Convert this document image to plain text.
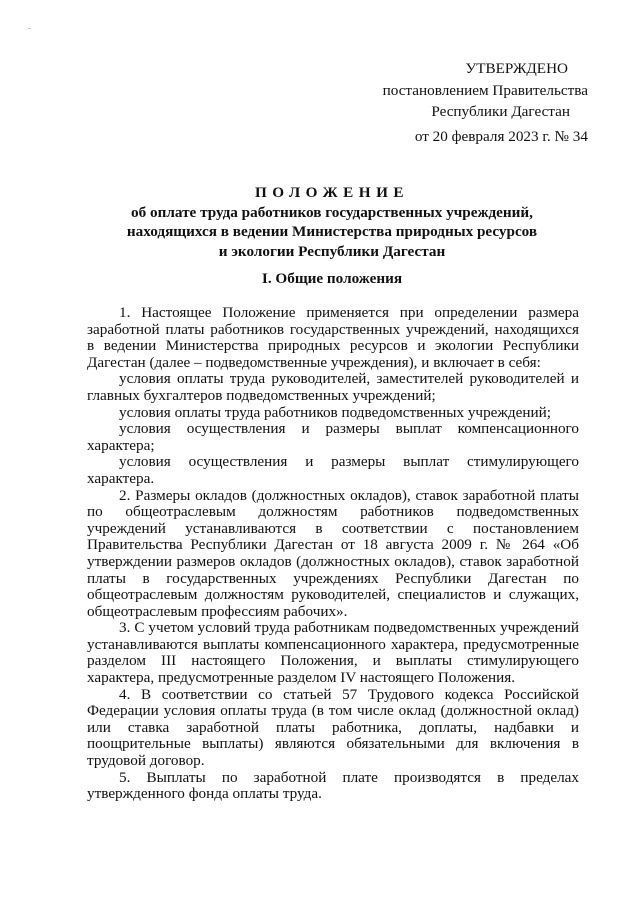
УТВЕРЖДЕНО
постановлением Правительства
Республики Дагестан
от 20 февраля 2023 г. № 34
ПОЛОЖЕНИЕ
об оплате труда работников государственных учреждений,
находящихся в ведении Министерства природных ресурсов
и экологии Республики Дагестан
I. Общие положения

1. Настоящее Положение применяется при определении размера заработной платы работников государственных учреждений, находящихся в ведении Министерства природных ресурсов и экологии Республики Дагестан (далее – подведомственные учреждения), и включает в себя:

условия оплаты труда руководителей, заместителей руководителей и главных бухгалтеров подведомственных учреждений;

условия оплаты труда работников подведомственных учреждений;

условия осуществления и размеры выплат компенсационного характера;

условия осуществления и размеры выплат стимулирующего характера.

2. Размеры окладов (должностных окладов), ставок заработной платы по общеотраслевым должностям работников подведомственных учреждений устанавливаются в соответствии с постановлением Правительства Республики Дагестан от 18 августа 2009 г. № 264 «Об утверждении размеров окладов (должностных окладов), ставок заработной платы в государственных учреждениях Республики Дагестан по общеотраслевым должностям руководителей, специалистов и служащих, общеотраслевым профессиям рабочих».

3. С учетом условий труда работникам подведомственных учреждений устанавливаются выплаты компенсационного характера, предусмотренные разделом III настоящего Положения, и выплаты стимулирующего характера, предусмотренные разделом IV настоящего Положения.

4. В соответствии со статьей 57 Трудового кодекса Российской Федерации условия оплаты труда (в том числе оклад (должностной оклад) или ставка заработной платы работника, доплаты, надбавки и поощрительные выплаты) являются обязательными для включения в трудовой договор.

5. Выплаты по заработной плате производятся в пределах утвержденного фонда оплаты труда.
